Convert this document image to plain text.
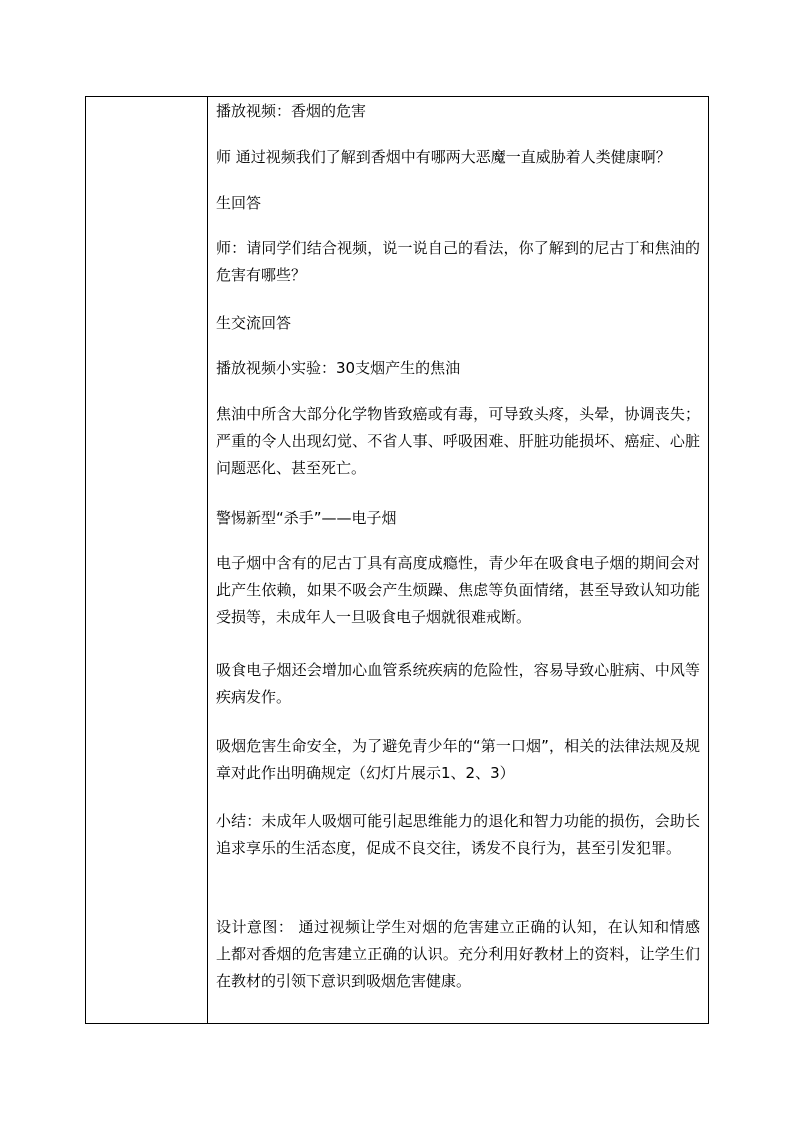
播放视频：香烟的危害

师 通过视频我们了解到香烟中有哪两大恶魔一直威胁着人类健康啊？

生回答

师：请同学们结合视频，说一说自己的看法，你了解到的尼古丁和焦油的危害有哪些？

生交流回答

播放视频小实验：30支烟产生的焦油

焦油中所含大部分化学物皆致癌或有毒，可导致头疼，头晕，协调丧失；严重的令人出现幻觉、不省人事、呼吸困难、肝脏功能损坏、癌症、心脏问题恶化、甚至死亡。

警惕新型“杀手”——电子烟

电子烟中含有的尼古丁具有高度成瘾性，青少年在吸食电子烟的期间会对此产生依赖，如果不吸会产生烦躁、焦虑等负面情绪，甚至导致认知功能受损等，未成年人一旦吸食电子烟就很难戒断。

吸食电子烟还会增加心血管系统疾病的危险性，容易导致心脏病、中风等疾病发作。

吸烟危害生命安全，为了避免青少年的“第一口烟”，相关的法律法规及规章对此作出明确规定（幻灯片展示1、2、3）

小结：未成年人吸烟可能引起思维能力的退化和智力功能的损伤，会助长追求享乐的生活态度，促成不良交往，诱发不良行为，甚至引发犯罪。

设计意图： 通过视频让学生对烟的危害建立正确的认知，在认知和情感上都对香烟的危害建立正确的认识。充分利用好教材上的资料，让学生们在教材的引领下意识到吸烟危害健康。
